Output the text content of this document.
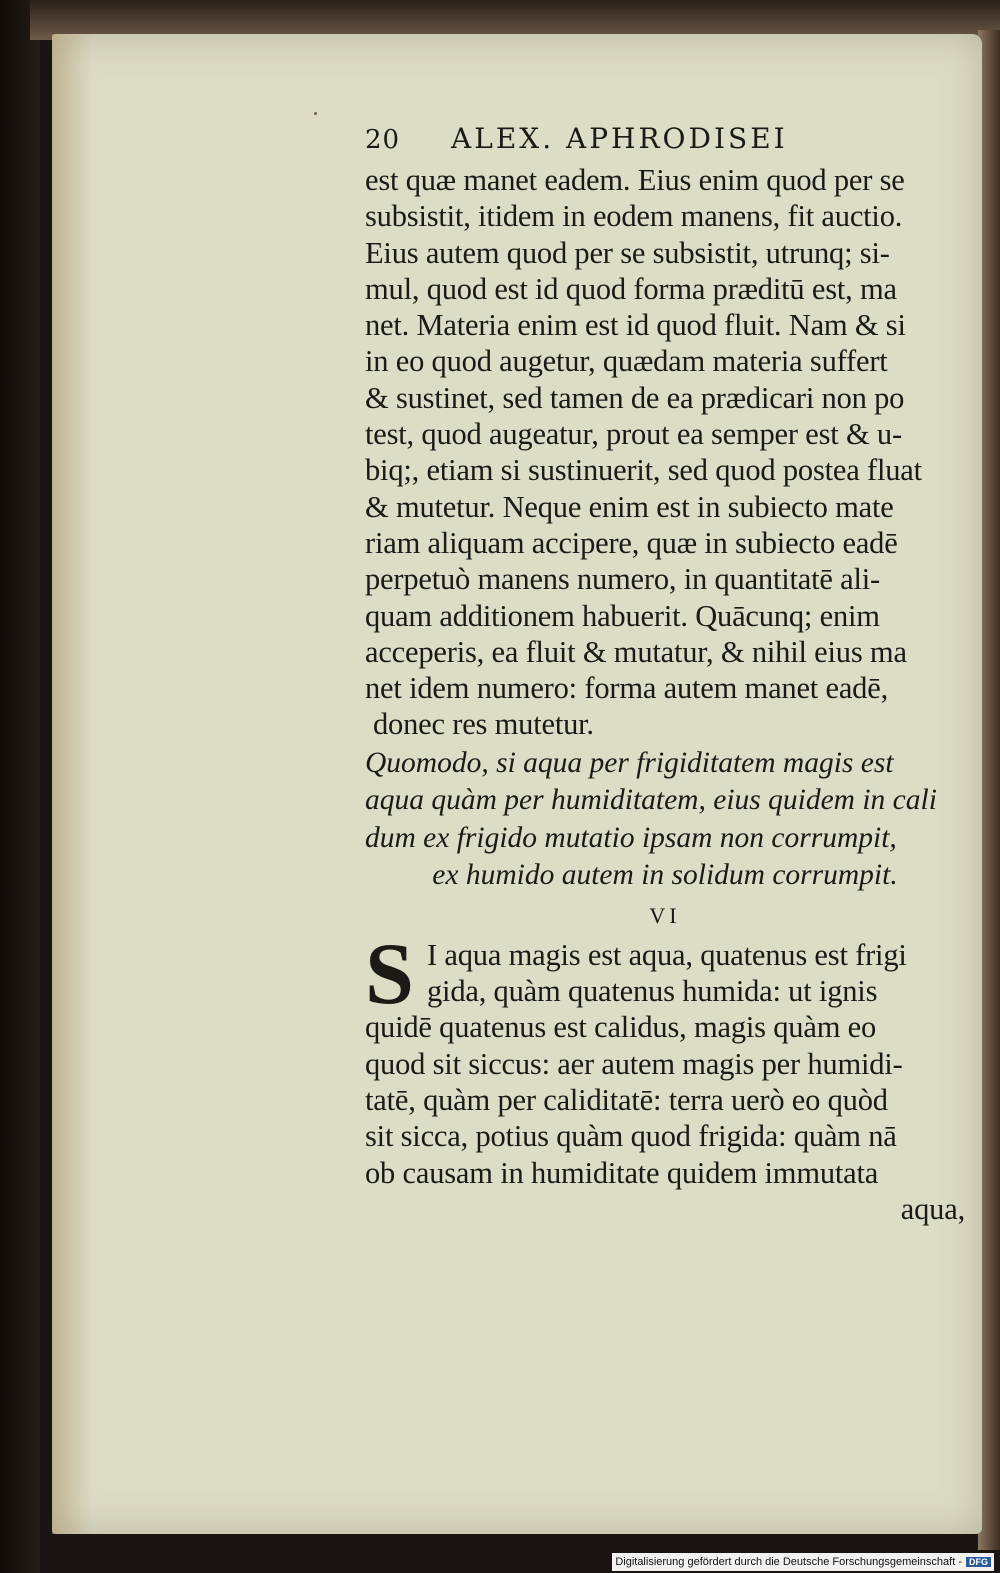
20	ALEX. APHRODISEI
est quæ manet eadem. Eius enim quod per se
subsistit, itidem in eodem manens, fit auctio.
Eius autem quod per se subsistit, utrunq; si-
mul, quod est id quod forma præditū est, ma
net. Materia enim est id quod fluit. Nam & si
in eo quod augetur, quædam materia suffert
& sustinet, sed tamen de ea prædicari non po
test, quod augeatur, prout ea semper est & u-
biq;, etiam si sustinuerit, sed quod postea fluat
& mutetur. Neque enim est in subiecto mate
riam aliquam accipere, quæ in subiecto eadē
perpetuò manens numero, in quantitatē ali-
quam additionem habuerit. Quācunq; enim
acceperis, ea fluit & mutatur, & nihil eius ma
net idem numero: forma autem manet eadē,
donec res mutetur.
Quomodo, si aqua per frigiditatem magis est
aqua quàm per humiditatem, eius quidem in cali
dum ex frigido mutatio ipsam non corrumpit,
ex humido autem in solidum corrumpit.
VI
S I aqua magis est aqua, quatenus est frigi
gida, quàm quatenus humida: ut ignis
quidē quatenus est calidus, magis quàm eo
quod sit siccus: aer autem magis per humidi-
tatē, quàm per caliditatē: terra uerò eo quòd
sit sicca, potius quàm quod frigida: quàm nā
ob causam in humiditate quidem immutata
aqua,
Digitalisierung gefördert durch die Deutsche Forschungsgemeinschaft - DFG
